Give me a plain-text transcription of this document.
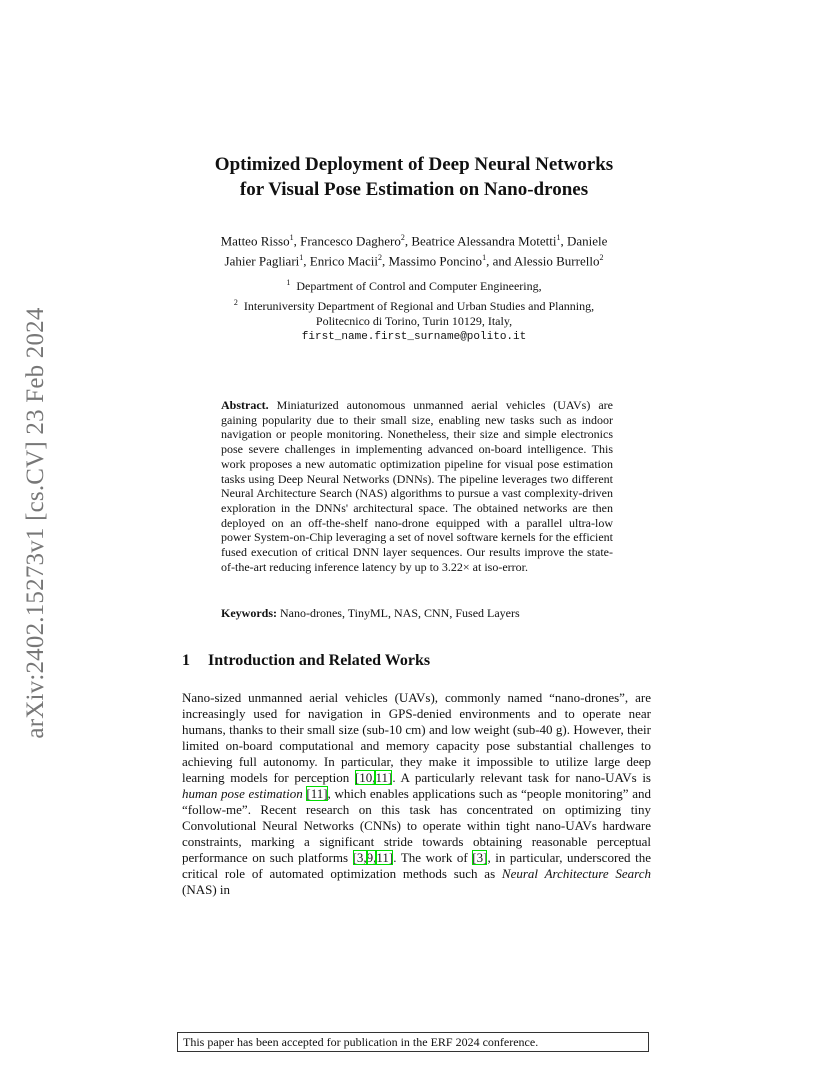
arXiv:2402.15273v1 [cs.CV] 23 Feb 2024
Optimized Deployment of Deep Neural Networks
for Visual Pose Estimation on Nano-drones
Matteo Risso$^1$, Francesco Daghero$^2$, Beatrice Alessandra Motetti$^1$, Daniele
Jahier Pagliari$^1$, Enrico Macii$^2$, Massimo Poncino$^1$, and Alessio Burrello$^2$
$^1$ Department of Control and Computer Engineering,
$^2$ Interuniversity Department of Regional and Urban Studies and Planning,
Politecnico di Torino, Turin 10129, Italy,
first_name.first_surname@polito.it
Abstract. Miniaturized autonomous unmanned aerial vehicles (UAVs) are gaining popularity due to their small size, enabling new tasks such as indoor navigation or people monitoring. Nonetheless, their size and simple electronics pose severe challenges in implementing advanced on-board intelligence. This work proposes a new automatic optimization pipeline for visual pose estimation tasks using Deep Neural Networks (DNNs). The pipeline leverages two different Neural Architecture Search (NAS) algorithms to pursue a vast complexity-driven exploration in the DNNs' architectural space. The obtained networks are then deployed on an off-the-shelf nano-drone equipped with a parallel ultra-low power System-on-Chip leveraging a set of novel software kernels for the efficient fused execution of critical DNN layer sequences. Our results improve the state-of-the-art reducing inference latency by up to 3.22× at iso-error.
Keywords: Nano-drones, TinyML, NAS, CNN, Fused Layers
1 Introduction and Related Works
Nano-sized unmanned aerial vehicles (UAVs), commonly named “nano-drones”, are increasingly used for navigation in GPS-denied environments and to operate near humans, thanks to their small size (sub-10 cm) and low weight (sub-40 g). However, their limited on-board computational and memory capacity pose substantial challenges to achieving full autonomy. In particular, they make it impossible to utilize large deep learning models for perception [10,11]. A particularly relevant task for nano-UAVs is human pose estimation [11], which enables applications such as “people monitoring” and “follow-me”. Recent research on this task has concentrated on optimizing tiny Convolutional Neural Networks (CNNs) to operate within tight nano-UAVs hardware constraints, marking a significant stride towards obtaining reasonable perceptual performance on such platforms [3,9,11]. The work of [3], in particular, underscored the critical role of automated optimization methods such as Neural Architecture Search (NAS) in
This paper has been accepted for publication in the ERF 2024 conference.
